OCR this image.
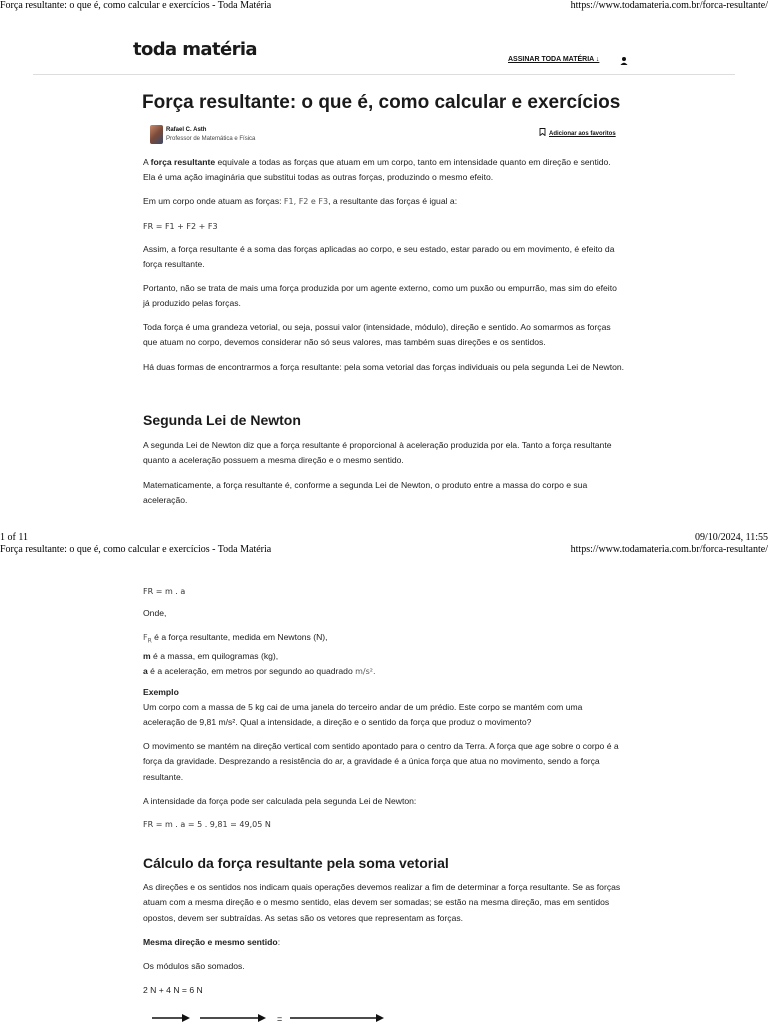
Força resultante: o que é, como calcular e exercícios - Toda Matéria	https://www.todamateria.com.br/forca-resultante/
toda matéria	ASSINAR TODA MATÉRIA ↓
Força resultante: o que é, como calcular e exercícios
Rafael C. Asth
Professor de Matemática e Física
Adicionar aos favoritos

A força resultante equivale a todas as forças que atuam em um corpo, tanto em intensidade quanto em direção e sentido. Ela é uma ação imaginária que substitui todas as outras forças, produzindo o mesmo efeito.

Em um corpo onde atuam as forças: F1, F2 e F3, a resultante das forças é igual a:

FR = F1 + F2 + F3

Assim, a força resultante é a soma das forças aplicadas ao corpo, e seu estado, estar parado ou em movimento, é efeito da força resultante.

Portanto, não se trata de mais uma força produzida por um agente externo, como um puxão ou empurrão, mas sim do efeito já produzido pelas forças.

Toda força é uma grandeza vetorial, ou seja, possui valor (intensidade, módulo), direção e sentido. Ao somarmos as forças que atuam no corpo, devemos considerar não só seus valores, mas também suas direções e os sentidos.

Há duas formas de encontrarmos a força resultante: pela soma vetorial das forças individuais ou pela segunda Lei de Newton.

Segunda Lei de Newton

A segunda Lei de Newton diz que a força resultante é proporcional à aceleração produzida por ela. Tanto a força resultante quanto a aceleração possuem a mesma direção e o mesmo sentido.

Matematicamente, a força resultante é, conforme a segunda Lei de Newton, o produto entre a massa do corpo e sua aceleração.

1 of 11	09/10/2024, 11:55
Força resultante: o que é, como calcular e exercícios - Toda Matéria	https://www.todamateria.com.br/forca-resultante/
FR = m . a

Onde,

$F_R$ é a força resultante, medida em Newtons (N),
m é a massa, em quilogramas (kg),
a é a aceleração, em metros por segundo ao quadrado m/s².

Exemplo

Um corpo com a massa de 5 kg cai de uma janela do terceiro andar de um prédio. Este corpo se mantém com uma aceleração de 9,81 m/s². Qual a intensidade, a direção e o sentido da força que produz o movimento?

O movimento se mantém na direção vertical com sentido apontado para o centro da Terra. A força que age sobre o corpo é a força da gravidade. Desprezando a resistência do ar, a gravidade é a única força que atua no movimento, sendo a força resultante.

A intensidade da força pode ser calculada pela segunda Lei de Newton:

FR = m . a = 5 . 9,81 = 49,05 N
Cálculo da força resultante pela soma vetorial

As direções e os sentidos nos indicam quais operações devemos realizar a fim de determinar a força resultante. Se as forças atuam com a mesma direção e o mesmo sentido, elas devem ser somadas; se estão na mesma direção, mas em sentidos opostos, devem ser subtraídas. As setas são os vetores que representam as forças.

Mesma direção e mesmo sentido:

Os módulos são somados.

2 N + 4 N = 6 N

=
